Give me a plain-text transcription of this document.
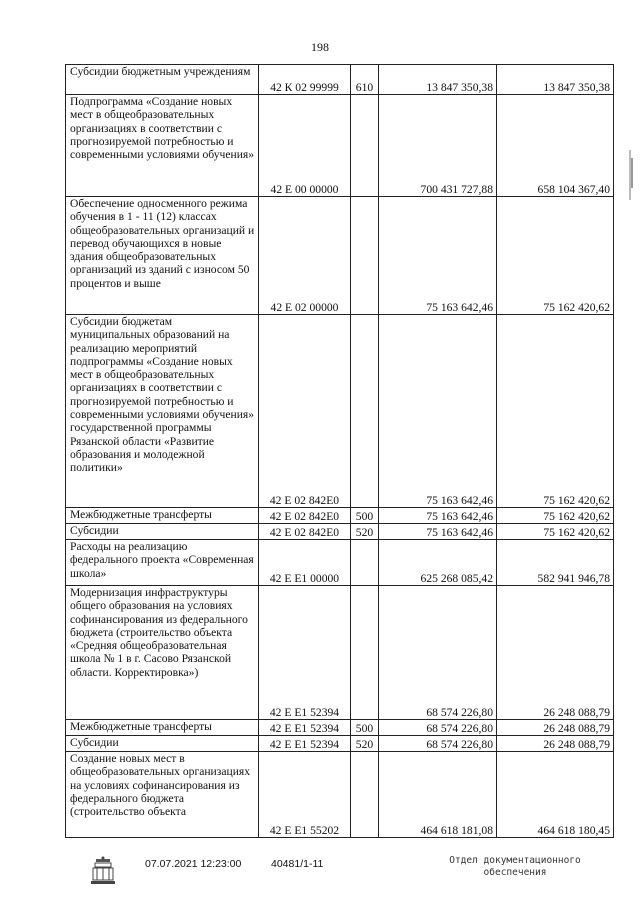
198
Субсидии бюджетным учреждениям	42 К 02 99999	610	13 847 350,38	13 847 350,38
Подпрограмма «Создание новых мест в общеобразовательных организациях в соответствии с прогнозируемой потребностью и современными условиями обучения»	42 Е 00 00000		700 431 727,88	658 104 367,40
Обеспечение односменного режима обучения в 1 - 11 (12) классах общеобразовательных организаций и перевод обучающихся в новые здания общеобразовательных организаций из зданий с износом 50 процентов и выше	42 Е 02 00000		75 163 642,46	75 162 420,62
Субсидии бюджетам муниципальных образований на реализацию мероприятий подпрограммы «Создание новых мест в общеобразовательных организациях в соответствии с прогнозируемой потребностью и современными условиями обучения» государственной программы Рязанской области «Развитие образования и молодежной политики»	42 Е 02 842Е0		75 163 642,46	75 162 420,62
Межбюджетные трансферты	42 Е 02 842Е0	500	75 163 642,46	75 162 420,62
Субсидии	42 Е 02 842Е0	520	75 163 642,46	75 162 420,62
Расходы на реализацию федерального проекта «Современная школа»	42 Е Е1 00000		625 268 085,42	582 941 946,78
Модернизация инфраструктуры общего образования на условиях софинансирования из федерального бюджета (строительство объекта «Средняя общеобразовательная школа № 1 в г. Сасово Рязанской области. Корректировка»)	42 Е Е1 52394		68 574 226,80	26 248 088,79
Межбюджетные трансферты	42 Е Е1 52394	500	68 574 226,80	26 248 088,79
Субсидии	42 Е Е1 52394	520	68 574 226,80	26 248 088,79
Создание новых мест в общеобразовательных организациях на условиях софинансирования из федерального бюджета (строительство объекта	42 Е Е1 55202		464 618 181,08	464 618 180,45
07.07.2021 12:23:00	40481/1-11	Отдел документационного
обеспечения
